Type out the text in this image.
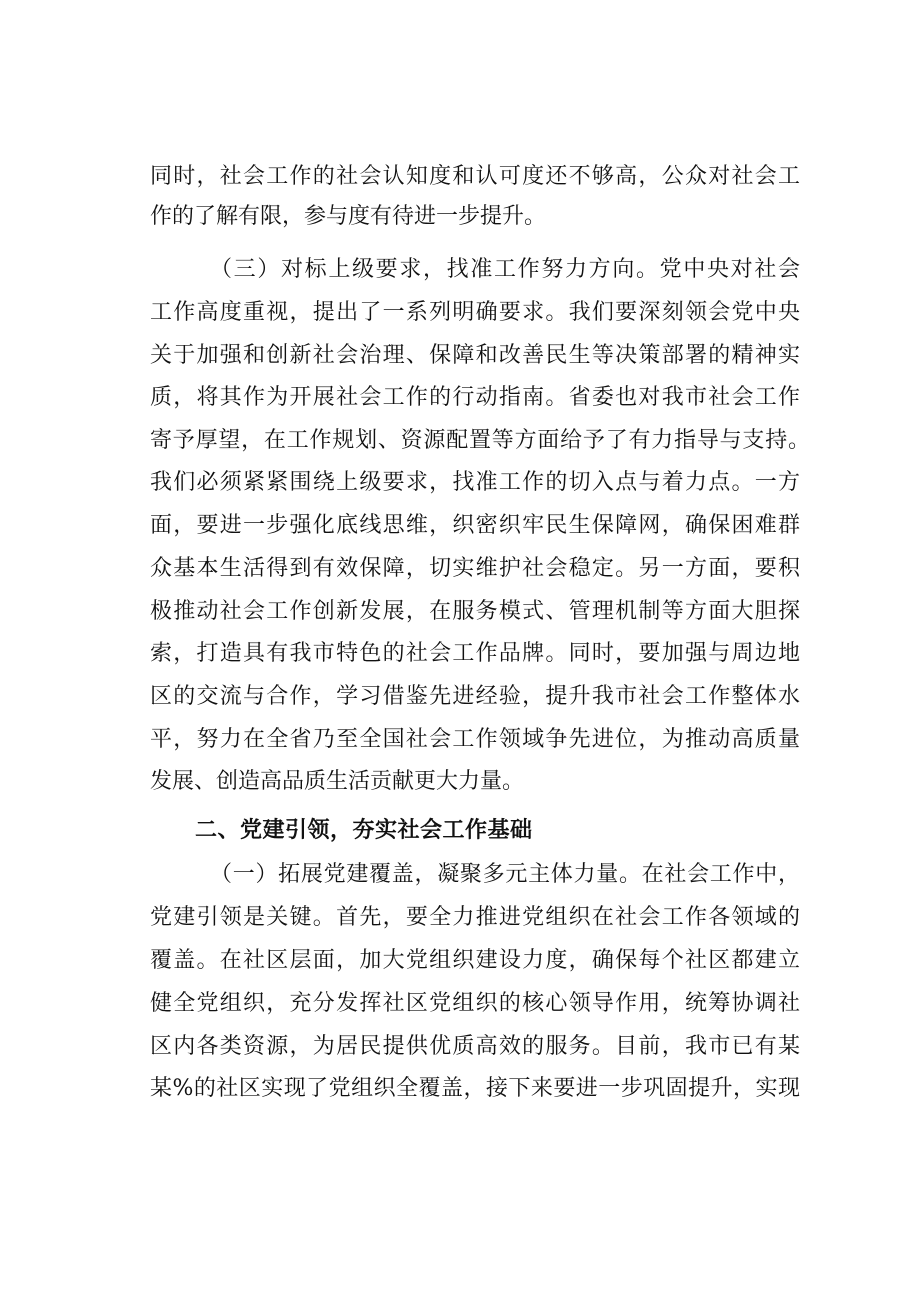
同时，社会工作的社会认知度和认可度还不够高，公众对社会工
作的了解有限，参与度有待进一步提升。
（三）对标上级要求，找准工作努力方向。党中央对社会
工作高度重视，提出了一系列明确要求。我们要深刻领会党中央
关于加强和创新社会治理、保障和改善民生等决策部署的精神实
质，将其作为开展社会工作的行动指南。省委也对我市社会工作
寄予厚望，在工作规划、资源配置等方面给予了有力指导与支持。
我们必须紧紧围绕上级要求，找准工作的切入点与着力点。一方
面，要进一步强化底线思维，织密织牢民生保障网，确保困难群
众基本生活得到有效保障，切实维护社会稳定。另一方面，要积
极推动社会工作创新发展，在服务模式、管理机制等方面大胆探
索，打造具有我市特色的社会工作品牌。同时，要加强与周边地
区的交流与合作，学习借鉴先进经验，提升我市社会工作整体水
平，努力在全省乃至全国社会工作领域争先进位，为推动高质量
发展、创造高品质生活贡献更大力量。
二、党建引领，夯实社会工作基础
（一）拓展党建覆盖，凝聚多元主体力量。在社会工作中，
党建引领是关键。首先，要全力推进党组织在社会工作各领域的
覆盖。在社区层面，加大党组织建设力度，确保每个社区都建立
健全党组织，充分发挥社区党组织的核心领导作用，统筹协调社
区内各类资源，为居民提供优质高效的服务。目前，我市已有某
某%的社区实现了党组织全覆盖，接下来要进一步巩固提升，实现
